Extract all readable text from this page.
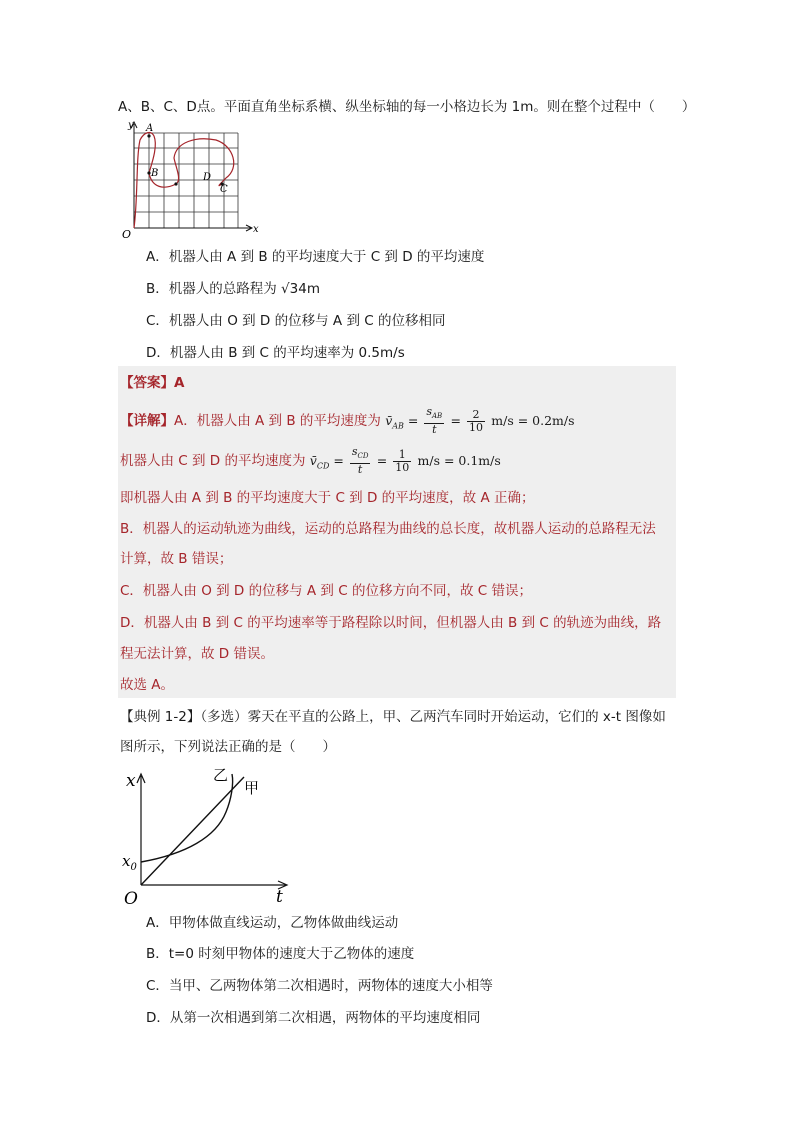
A、B、C、D点。平面直角坐标系横、纵坐标轴的每一小格边长为 1m。则在整个过程中（　　）
y
x
O
A
B	D
C
A．机器人由 A 到 B 的平均速度大于 C 到 D 的平均速度
B．机器人的总路程为 √34m
C．机器人由 O 到 D 的位移与 A 到 C 的位移相同
D．机器人由 B 到 C 的平均速率为 0.5m/s
【答案】A
【详解】A．机器人由 A 到 B 的平均速度为 $v̄_{AB} = \frac{s_{AB}}{t} = \frac{2}{10} m/s = 0.2m/s$
机器人由 C 到 D 的平均速度为 $v̄_{CD} = \frac{s_{CD}}{t} = \frac{1}{10} m/s = 0.1m/s$
即机器人由 A 到 B 的平均速度大于 C 到 D 的平均速度，故 A 正确；
B．机器人的运动轨迹为曲线，运动的总路程为曲线的总长度，故机器人运动的总路程无法
计算，故 B 错误；
C．机器人由 O 到 D 的位移与 A 到 C 的位移方向不同，故 C 错误；
D．机器人由 B 到 C 的平均速率等于路程除以时间，但机器人由 B 到 C 的轨迹为曲线，路
程无法计算，故 D 错误。
故选 A。
【典例 1-2】（多选）雾天在平直的公路上，甲、乙两汽车同时开始运动，它们的 x-t 图像如
图所示，下列说法正确的是（　　）
x
t
O
$x_0$
乙
甲
A．甲物体做直线运动，乙物体做曲线运动
B．t=0 时刻甲物体的速度大于乙物体的速度
C．当甲、乙两物体第二次相遇时，两物体的速度大小相等
D．从第一次相遇到第二次相遇，两物体的平均速度相同
